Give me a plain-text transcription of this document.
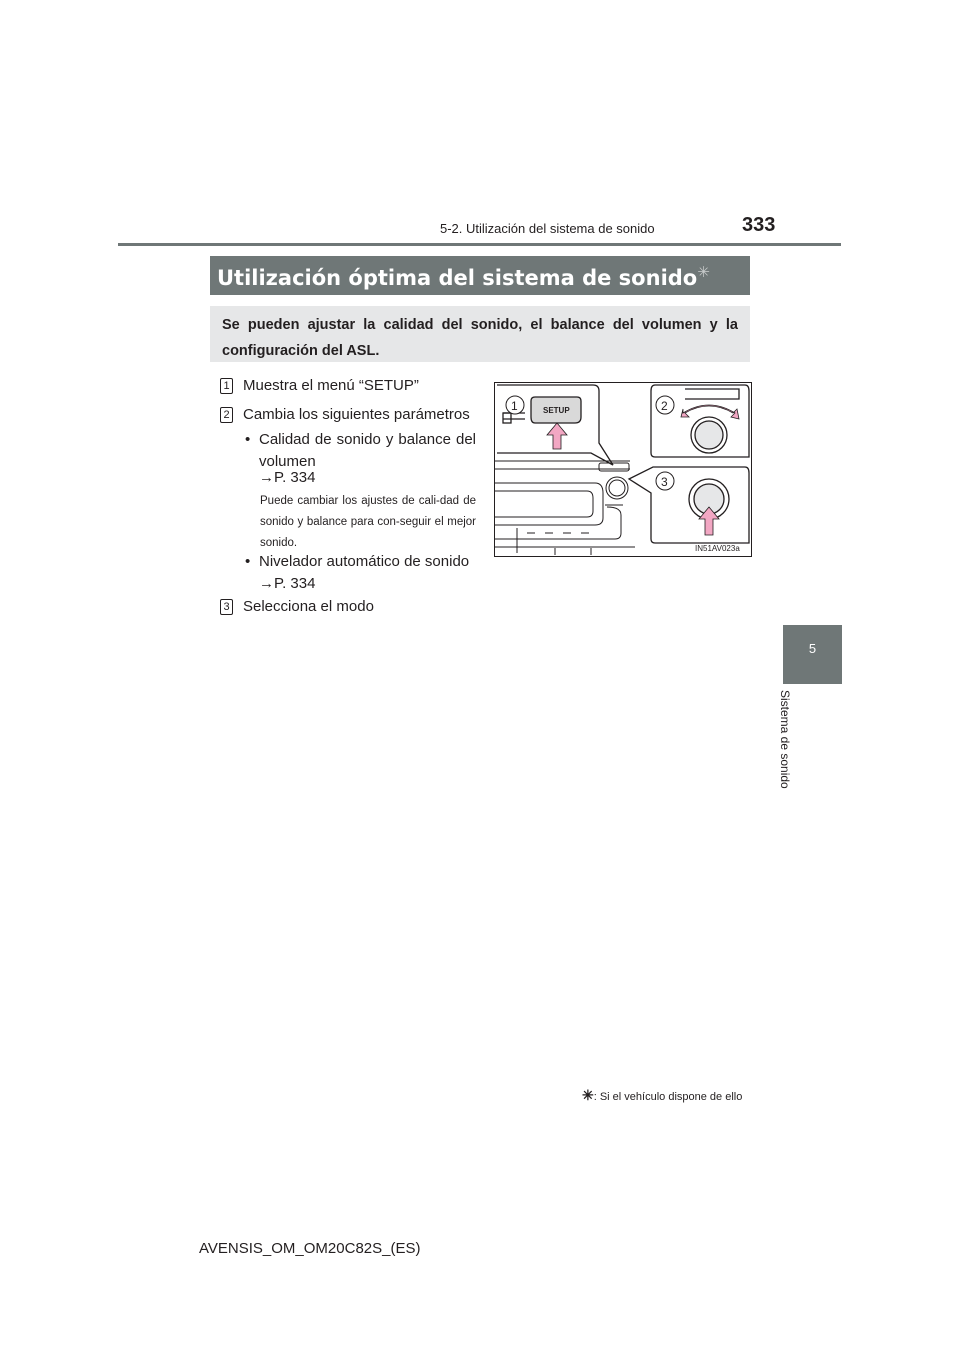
5-2. Utilización del sistema de sonido	333
5
Sistema de sonido
Utilización óptima del sistema de sonido✳
Se pueden ajustar la calidad del sonido, el balance del volumen y la configuración del ASL.
1 Muestra el menú “SETUP”
2 Cambia los siguientes parámetros
• Calidad de sonido y balance del volumen
→P. 334
Puede cambiar los ajustes de cali-dad de sonido y balance para con-seguir el mejor sonido.
• Nivelador automático de sonido
→P. 334
3 Selecciona el modo
SETUP
1	2
3
IN51AV023a
✳: Si el vehículo dispone de ello
AVENSIS_OM_OM20C82S_(ES)
